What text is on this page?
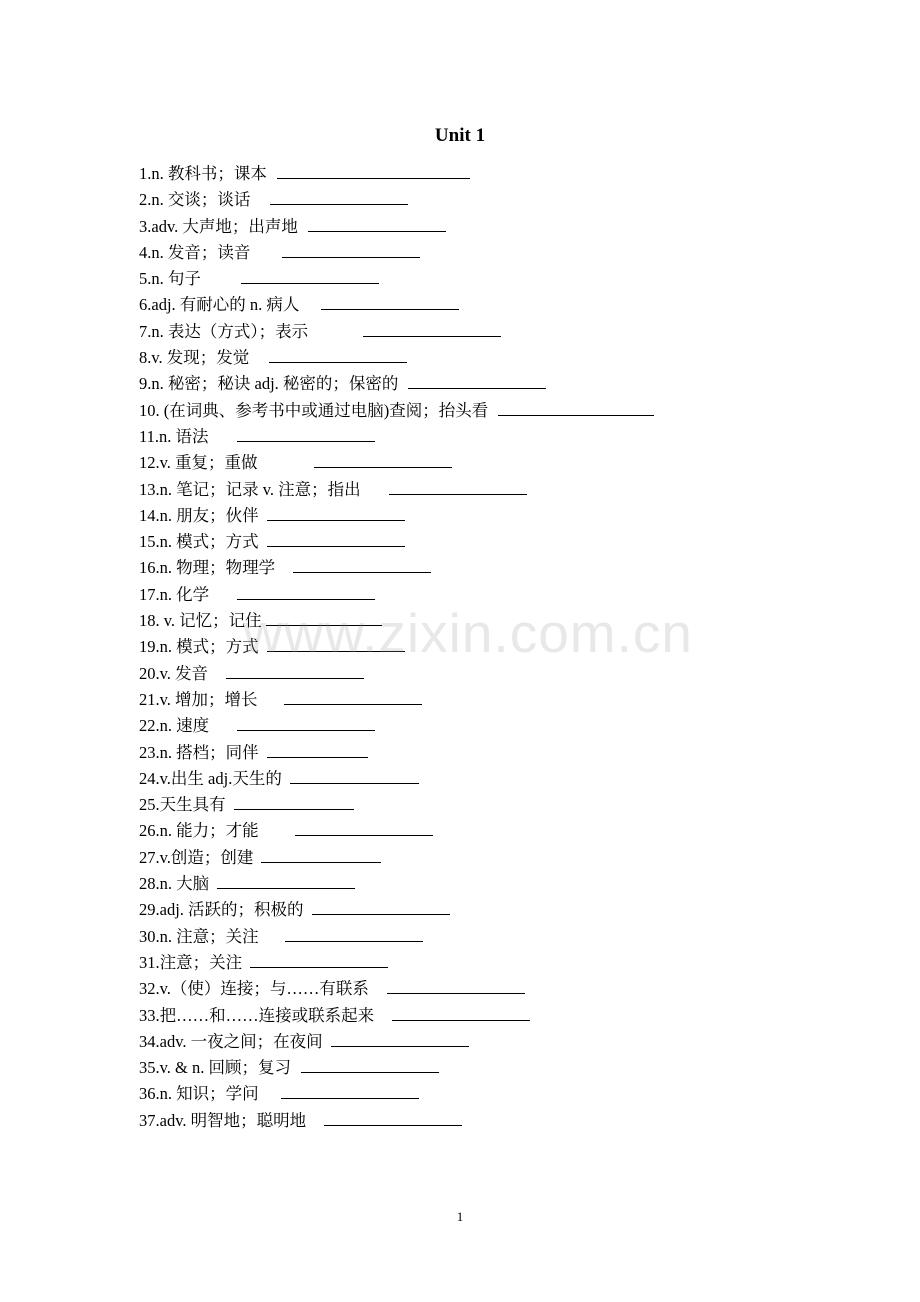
Unit 1
1.n. 教科书；课本
2.n. 交谈；谈话
3.adv. 大声地；出声地
4.n. 发音；读音
5.n. 句子
6.adj. 有耐心的 n. 病人
7.n. 表达（方式）；表示
8.v. 发现；发觉
9.n. 秘密；秘诀 adj. 秘密的；保密的
10. (在词典、参考书中或通过电脑)查阅；抬头看
11.n. 语法
12.v. 重复；重做
13.n. 笔记；记录 v. 注意；指出
14.n. 朋友；伙伴
15.n. 模式；方式
16.n. 物理；物理学
17.n. 化学
18. v. 记忆；记住
19.n. 模式；方式
20.v. 发音
21.v. 增加；增长
22.n. 速度
23.n. 搭档；同伴
24.v.出生 adj.天生的
25.天生具有
26.n. 能力；才能
27.v.创造；创建
28.n. 大脑
29.adj. 活跃的；积极的
30.n. 注意；关注
31.注意；关注
32.v.（使）连接；与……有联系
33.把……和……连接或联系起来
34.adv. 一夜之间；在夜间
35.v. & n. 回顾；复习
36.n. 知识；学问
37.adv. 明智地；聪明地
www.zixin.com.cn
1
